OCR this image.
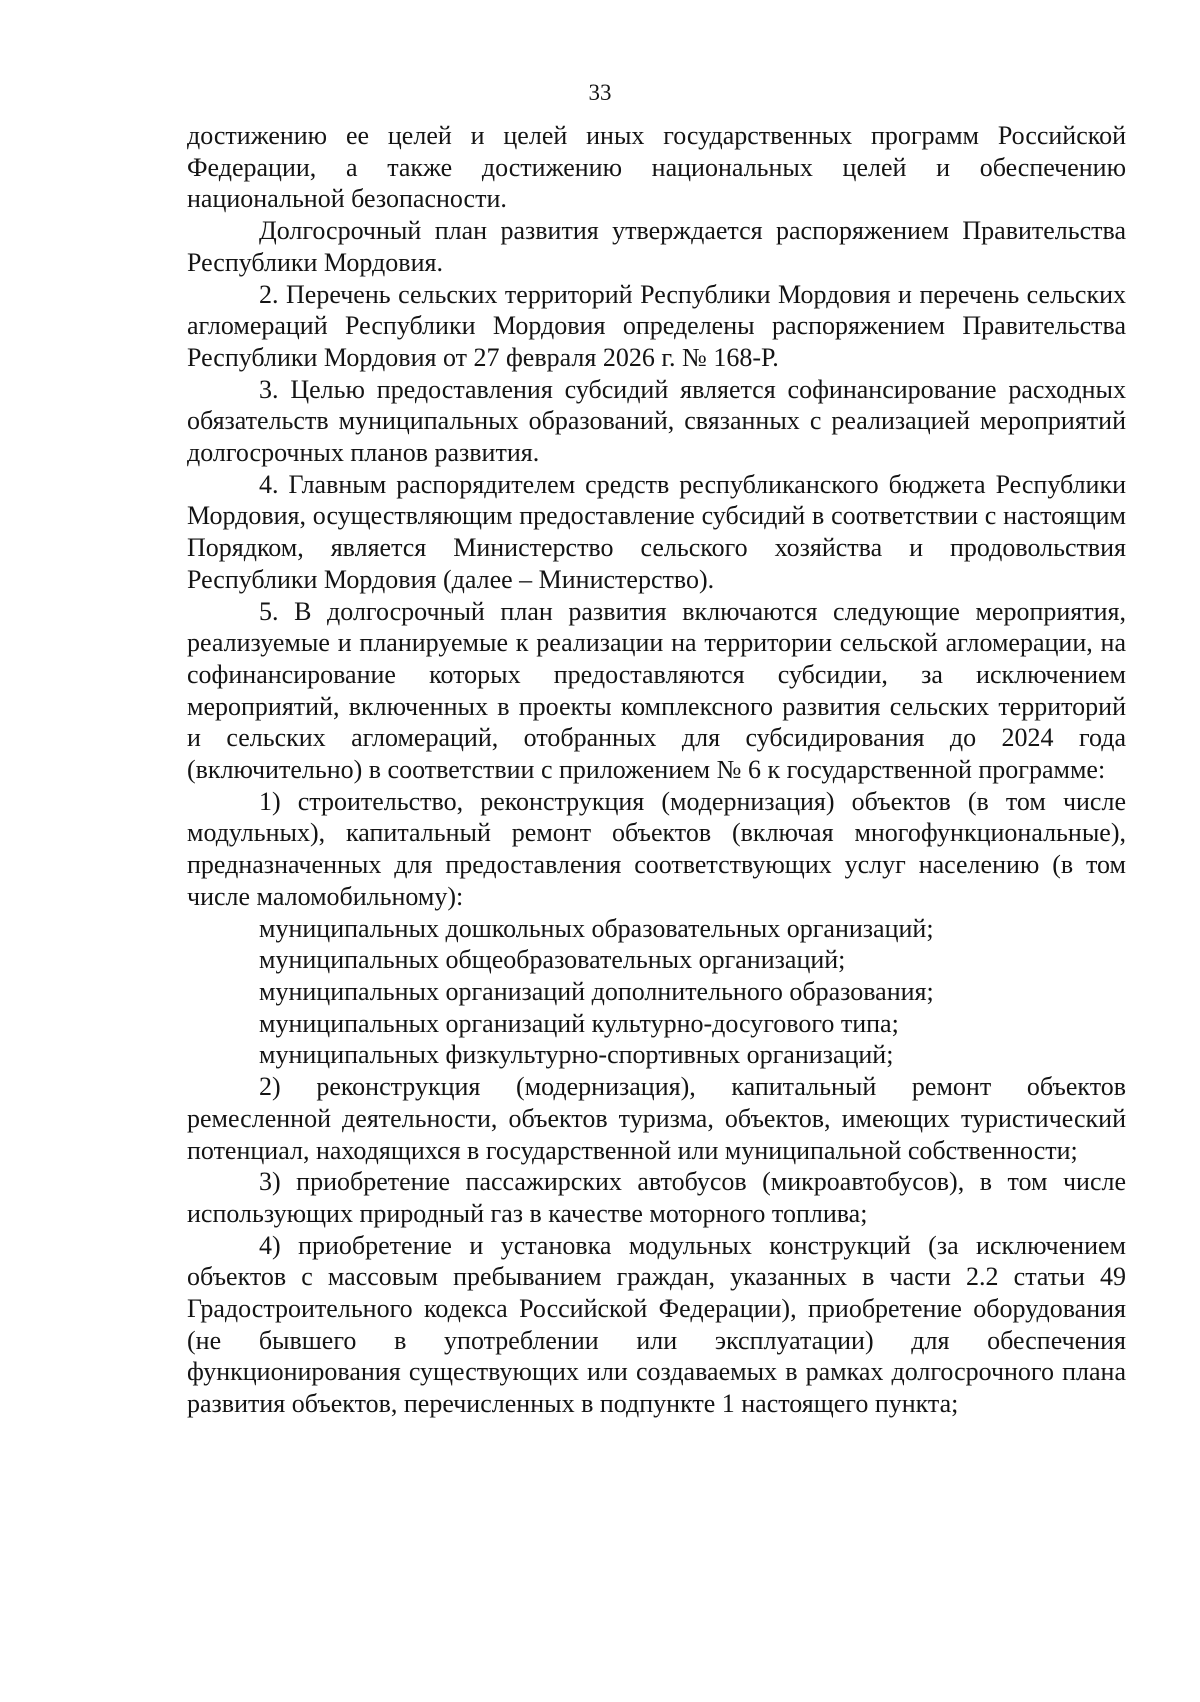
33

достижению ее целей и целей иных государственных программ Российской Федерации, а также достижению национальных целей и обеспечению национальной безопасности.

Долгосрочный план развития утверждается распоряжением Правительства Республики Мордовия.

2. Перечень сельских территорий Республики Мордовия и перечень сельских агломераций Республики Мордовия определены распоряжением Правительства Республики Мордовия от 27 февраля 2026 г. № 168-Р.

3. Целью предоставления субсидий является софинансирование расходных обязательств муниципальных образований, связанных с реализацией мероприятий долгосрочных планов развития.

4. Главным распорядителем средств республиканского бюджета Республики Мордовия, осуществляющим предоставление субсидий в соответствии с настоящим Порядком, является Министерство сельского хозяйства и продовольствия Республики Мордовия (далее – Министерство).

5. В долгосрочный план развития включаются следующие мероприятия, реализуемые и планируемые к реализации на территории сельской агломерации, на софинансирование которых предоставляются субсидии, за исключением мероприятий, включенных в проекты комплексного развития сельских территорий и сельских агломераций, отобранных для субсидирования до 2024 года (включительно) в соответствии с приложением № 6 к государственной программе:

1) строительство, реконструкция (модернизация) объектов (в том числе модульных), капитальный ремонт объектов (включая многофункциональные), предназначенных для предоставления соответствующих услуг населению (в том числе маломобильному):

муниципальных дошкольных образовательных организаций;

муниципальных общеобразовательных организаций;

муниципальных организаций дополнительного образования;

муниципальных организаций культурно-досугового типа;

муниципальных физкультурно-спортивных организаций;

2) реконструкция (модернизация), капитальный ремонт объектов ремесленной деятельности, объектов туризма, объектов, имеющих туристический потенциал, находящихся в государственной или муниципальной собственности;

3) приобретение пассажирских автобусов (микроавтобусов), в том числе использующих природный газ в качестве моторного топлива;

4) приобретение и установка модульных конструкций (за исключением объектов с массовым пребыванием граждан, указанных в части 2.2 статьи 49 Градостроительного кодекса Российской Федерации), приобретение оборудования (не бывшего в употреблении или эксплуатации) для обеспечения функционирования существующих или создаваемых в рамках долгосрочного плана развития объектов, перечисленных в подпункте 1 настоящего пункта;
